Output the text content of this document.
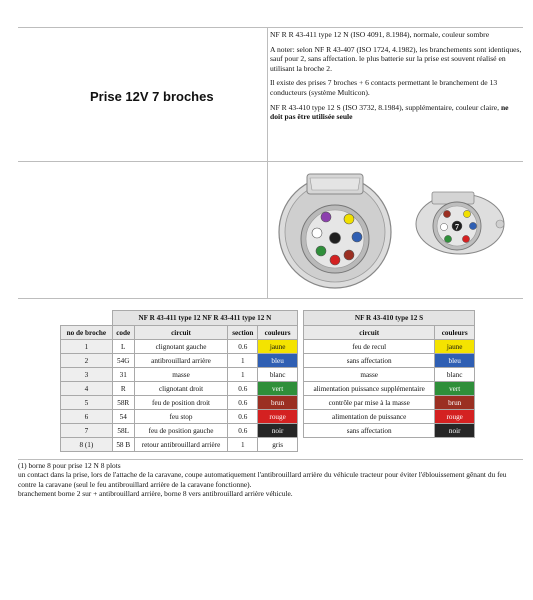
Prise 12V 7 broches

NF R R 43-411 type 12 N (ISO 4091, 8.1984), normale, couleur sombre

A noter: selon NF R 43-407 (ISO 1724, 4.1982), les branchements sont identiques, sauf pour 2, sans affectation. le plus batterie sur la prise est souvent réalisé en utilisant la broche 2.

Il existe des prises 7 broches + 6 contacts permettant le branchement de 13 conducteurs (système Multicon).

NF R 43-410 type 12 S (ISO 3732, 8.1984), supplémentaire, couleur claire, ne doit pas être utilisée seule

7
	NF R 43-411 type 12 NF R 43-411 type 12 N			
no de broche	code	circuit	section	couleurs
1	L	clignotant gauche	0.6	jaune
2	54G	antibrouillard arrière	1	bleu
3	31	masse	1	blanc
4	R	clignotant droit	0.6	vert
5	58R	feu de position droit	0.6	brun
6	54	feu stop	0.6	rouge
7	58L	feu de position gauche	0.6	noir
8 (1)	58 B	retour antibrouillard arrière	1	gris
NF R 43-410 type 12 S	
circuit	couleurs
feu de recul	jaune
sans affectation	bleu
masse	blanc
alimentation puissance supplémentaire	vert
contrôle par mise à la masse	brun
alimentation de puissance	rouge
sans affectation	noir
(1) borne 8 pour prise 12 N 8 plots
un contact dans la prise, lors de l'attache de la caravane, coupe automatiquement l'antibrouillard arrière du véhicule tracteur pour éviter l'éblouissement gênant du feu contre la caravane (seul le feu antibrouillard arrière de la caravane fonctionne).
branchement borne 2 sur + antibrouillard arrière, borne 8 vers antibrouillard arrière véhicule.
